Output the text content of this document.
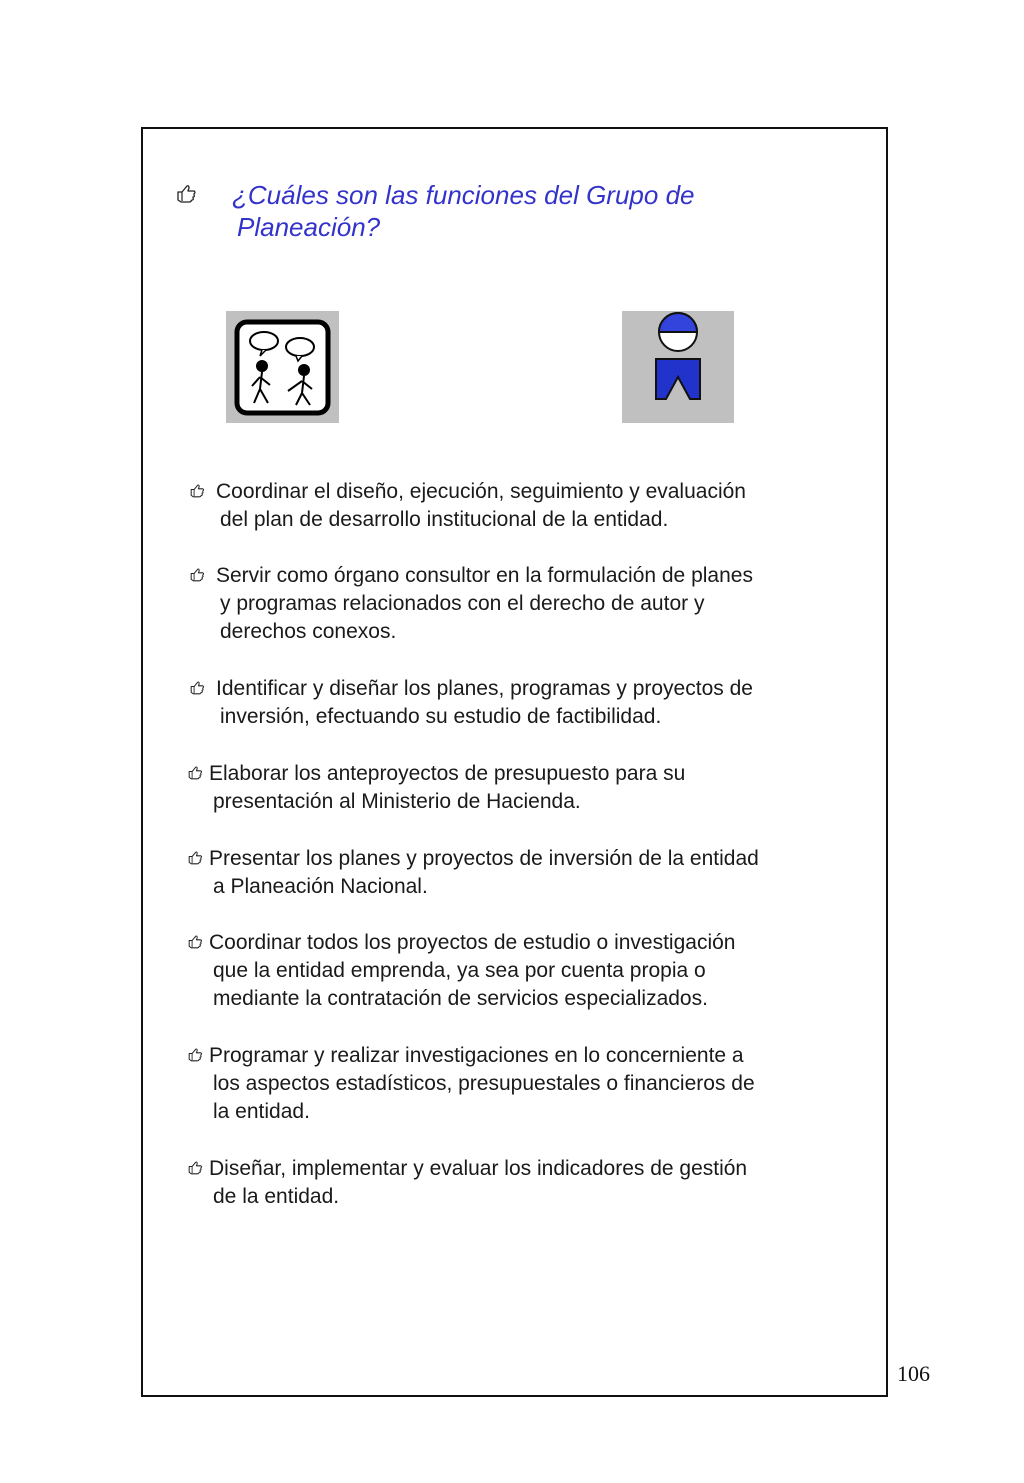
¿Cuáles son las funciones del Grupo de
Planeación?
Coordinar el diseño, ejecución, seguimiento y evaluación
del plan de desarrollo institucional de la entidad.
Servir como órgano consultor en la formulación de planes
y programas relacionados con el derecho de autor y
derechos conexos.
Identificar y diseñar los planes, programas y proyectos de
inversión, efectuando su estudio de factibilidad.
Elaborar los anteproyectos de presupuesto para su
presentación al Ministerio de Hacienda.
Presentar los planes y proyectos de inversión de la entidad
a Planeación Nacional.
Coordinar todos los proyectos de estudio o investigación
que la entidad emprenda, ya sea por cuenta propia o
mediante la contratación de servicios especializados.
Programar y realizar investigaciones en lo concerniente a
los aspectos estadísticos, presupuestales o financieros de
la entidad.
Diseñar, implementar y evaluar los indicadores de gestión
de la entidad.
106
